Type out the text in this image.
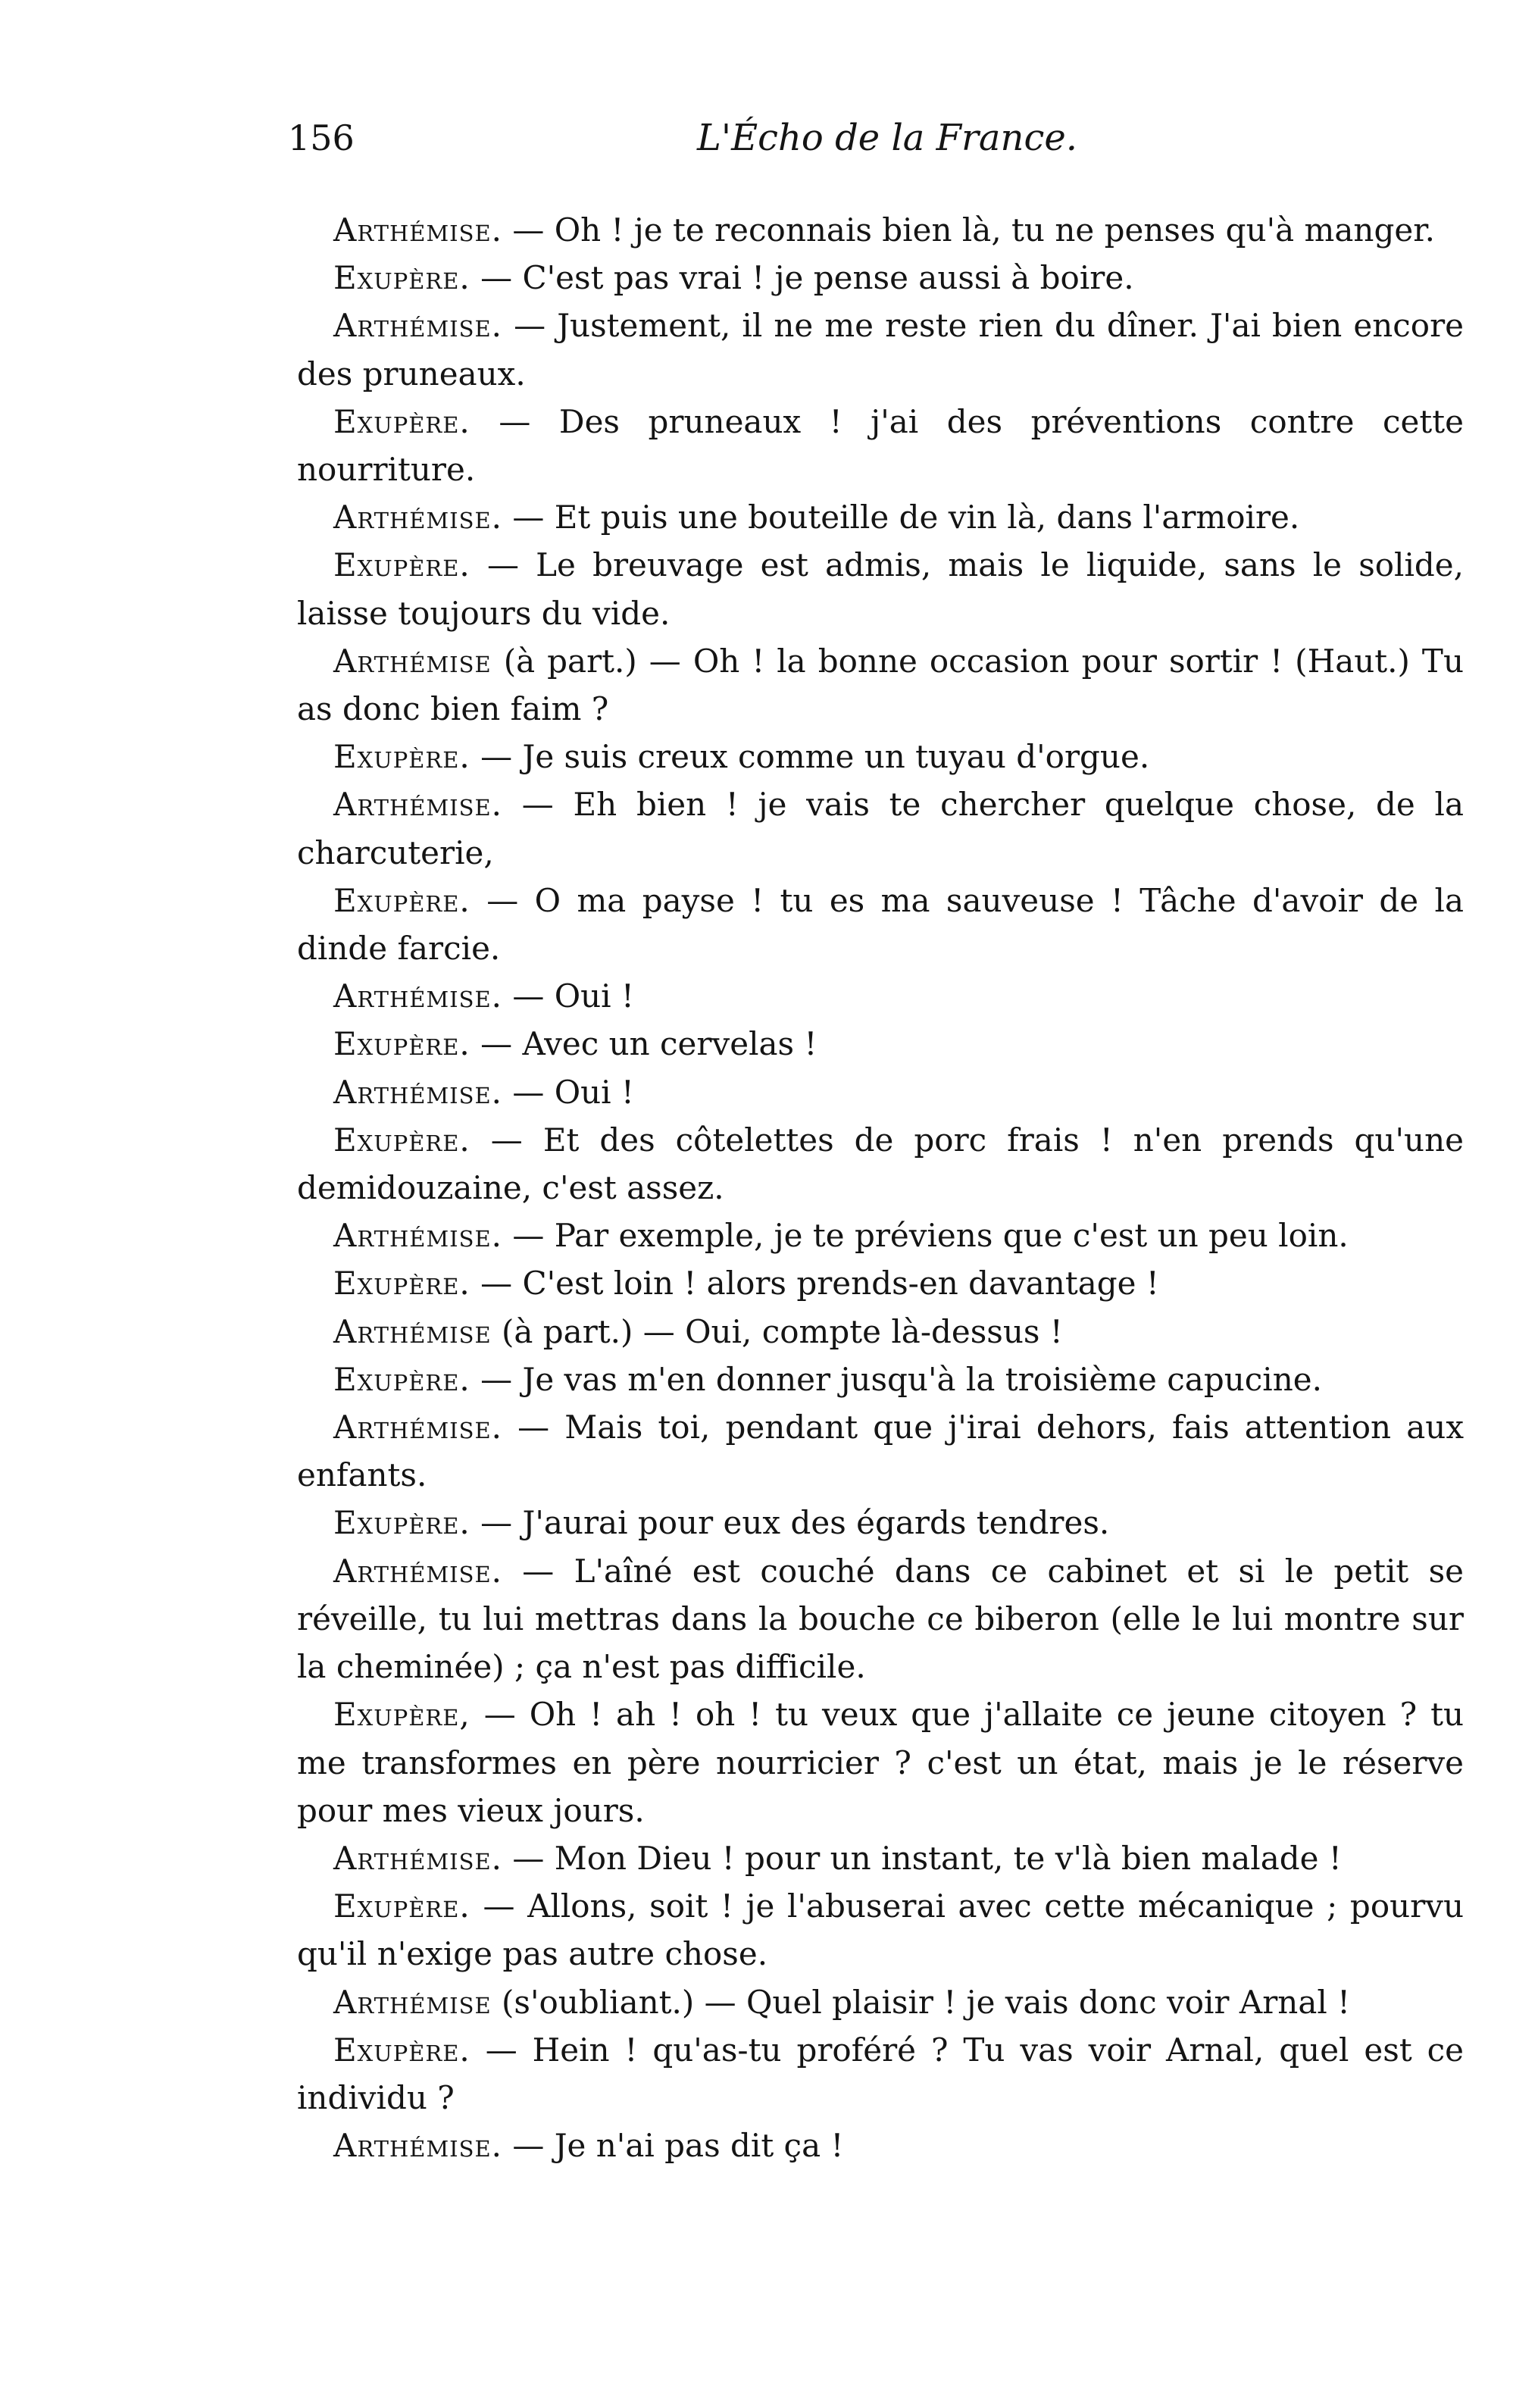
156	L'Écho de la France.

Arthémise. — Oh ! je te reconnais bien là, tu ne penses qu'à manger.

Exupère. — C'est pas vrai ! je pense aussi à boire.

Arthémise. — Justement, il ne me reste rien du dîner. J'ai bien encore des pruneaux.

Exupère. — Des pruneaux ! j'ai des préventions contre cette nourriture.

Arthémise. — Et puis une bouteille de vin là, dans l'armoire.

Exupère. — Le breuvage est admis, mais le liquide, sans le solide, laisse toujours du vide.

Arthémise (à part.) — Oh ! la bonne occasion pour sortir ! (Haut.) Tu as donc bien faim ?

Exupère. — Je suis creux comme un tuyau d'orgue.

Arthémise. — Eh bien ! je vais te chercher quelque chose, de la charcuterie,

Exupère. — O ma payse ! tu es ma sauveuse ! Tâche d'avoir de la dinde farcie.

Arthémise. — Oui !

Exupère. — Avec un cervelas !

Arthémise. — Oui !

Exupère. — Et des côtelettes de porc frais ! n'en prends qu'une demidouzaine, c'est assez.

Arthémise. — Par exemple, je te préviens que c'est un peu loin.

Exupère. — C'est loin ! alors prends-en davantage !

Arthémise (à part.) — Oui, compte là-dessus !

Exupère. — Je vas m'en donner jusqu'à la troisième capucine.

Arthémise. — Mais toi, pendant que j'irai dehors, fais attention aux enfants.

Exupère. — J'aurai pour eux des égards tendres.

Arthémise. — L'aîné est couché dans ce cabinet et si le petit se réveille, tu lui mettras dans la bouche ce biberon (elle le lui montre sur la cheminée) ; ça n'est pas difficile.

Exupère, — Oh ! ah ! oh ! tu veux que j'allaite ce jeune citoyen ? tu me transformes en père nourricier ? c'est un état, mais je le réserve pour mes vieux jours.

Arthémise. — Mon Dieu ! pour un instant, te v'là bien malade !

Exupère. — Allons, soit ! je l'abuserai avec cette mécanique ; pourvu qu'il n'exige pas autre chose.

Arthémise (s'oubliant.) — Quel plaisir ! je vais donc voir Arnal !

Exupère. — Hein ! qu'as-tu proféré ? Tu vas voir Arnal, quel est ce individu ?

Arthémise. — Je n'ai pas dit ça !
